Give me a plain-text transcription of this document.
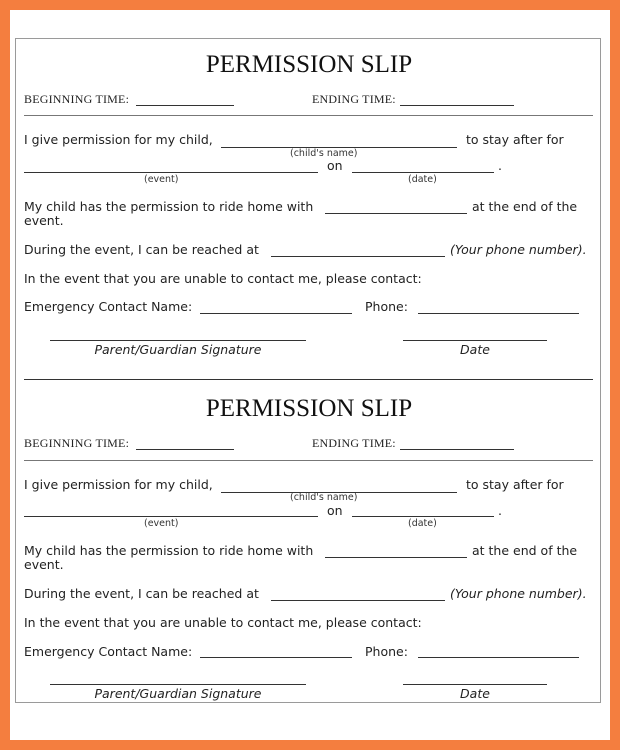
PERMISSION SLIP
BEGINNING TIME:	ENDING TIME:
I give permission for my child,	to stay after for
(child's name)
on	.
(event)	(date)
My child has the permission to ride home with	at the end of the
event.
During the event, I can be reached at	(Your phone number).
In the event that you are unable to contact me, please contact:
Emergency Contact Name:	Phone:
Parent/Guardian Signature	Date
PERMISSION SLIP
BEGINNING TIME:	ENDING TIME:
I give permission for my child,	to stay after for
(child's name)
on	.
(event)	(date)
My child has the permission to ride home with	at the end of the
event.
During the event, I can be reached at	(Your phone number).
In the event that you are unable to contact me, please contact:
Emergency Contact Name:	Phone:
Parent/Guardian Signature	Date
